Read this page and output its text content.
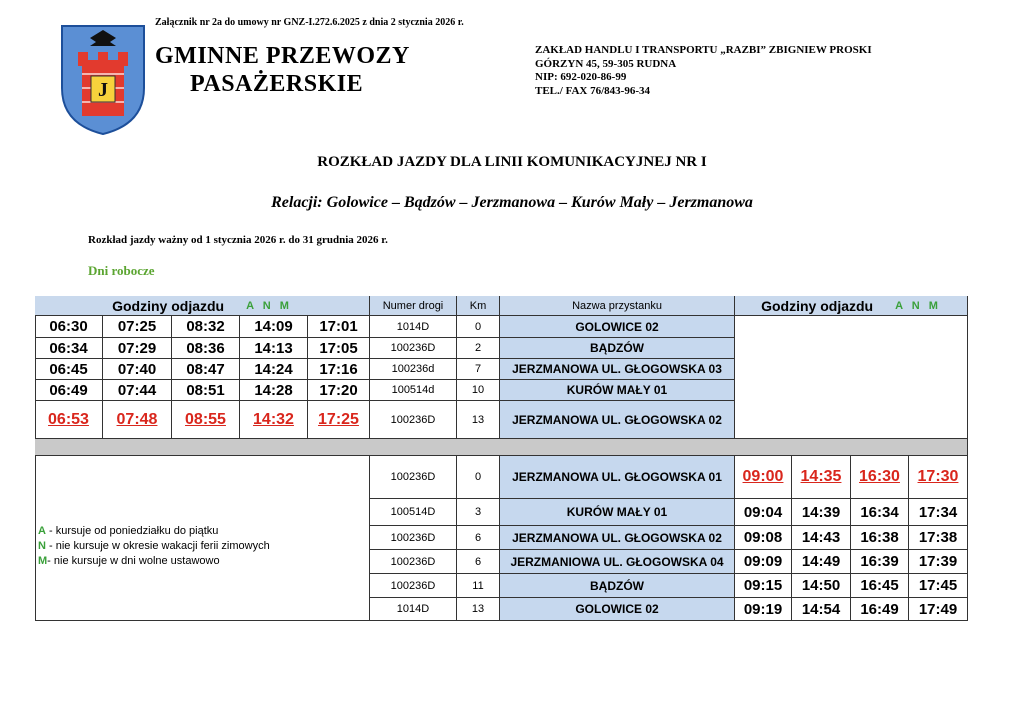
Załącznik nr 2a do umowy nr GNZ-I.272.6.2025 z dnia 2 stycznia 2026 r.
J
GMINNE PRZEWOZY
PASAŻERSKIE
ZAKŁAD HANDLU I TRANSPORTU „RAZBI” ZBIGNIEW PROSKI
GÓRZYN 45, 59-305 RUDNA
NIP: 692-020-86-99
TEL./ FAX 76/843-96-34
ROZKŁAD JAZDY DLA LINII KOMUNIKACYJNEJ NR I
Relacji: Golowice – Bądzów – Jerzmanowa – Kurów Mały – Jerzmanowa
Rozkład jazdy ważny od 1 stycznia 2026 r. do 31 grudnia 2026 r.
Dni robocze
Godziny odjazdu A N M	Numer drogi	Km	Nazwa przystanku	Godziny odjazdu A N M
06:30	07:25	08:32	14:09	17:01	1014D	0	GOLOWICE 02
06:34	07:29	08:36	14:13	17:05	100236D	2	BĄDZÓW
06:45	07:40	08:47	14:24	17:16	100236d	7	JERZMANOWA UL. GŁOGOWSKA 03
06:49	07:44	08:51	14:28	17:20	100514d	10	KURÓW MAŁY 01
06:53	07:48	08:55	14:32	17:25	100236D	13	JERZMANOWA UL. GŁOGOWSKA 02
100236D	0	JERZMANOWA UL. GŁOGOWSKA 01	09:00	14:35	16:30	17:30
100514D	3	KURÓW MAŁY 01	09:04	14:39	16:34	17:34
100236D	6	JERZMANOWA UL. GŁOGOWSKA 02	09:08	14:43	16:38	17:38
100236D	6	JERZMANIOWA UL. GŁOGOWSKA 04	09:09	14:49	16:39	17:39
100236D	11	BĄDZÓW	09:15	14:50	16:45	17:45
1014D	13	GOLOWICE 02	09:19	14:54	16:49	17:49
A - kursuje od poniedziałku do piątku
N - nie kursuje w okresie wakacji ferii zimowych
M- nie kursuje w dni wolne ustawowo
